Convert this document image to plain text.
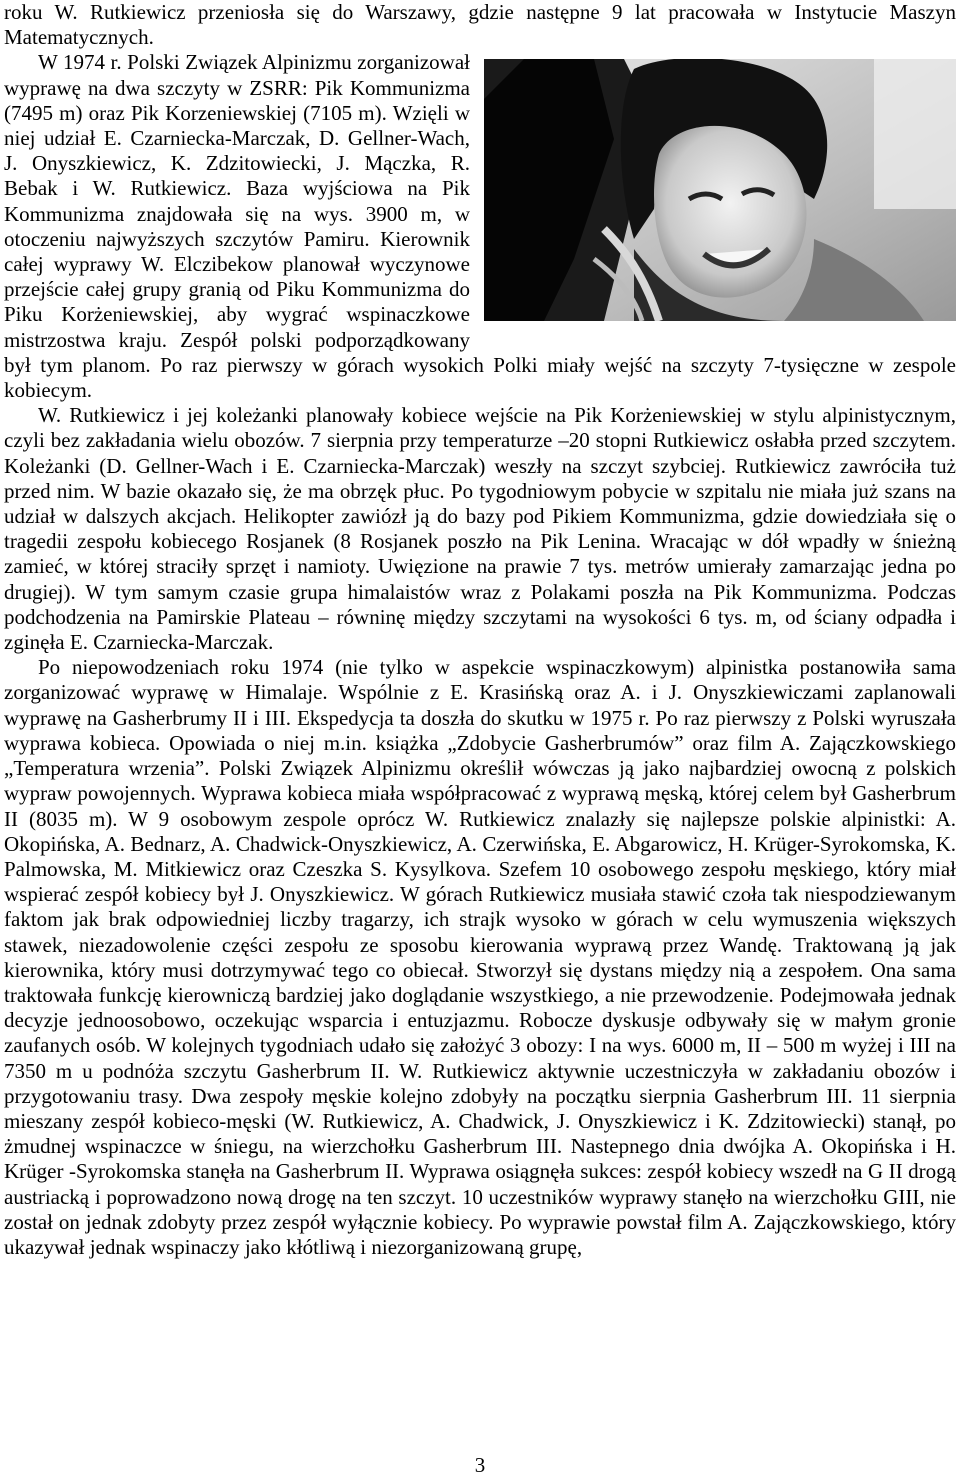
roku W. Rutkiewicz przeniosła się do Warszawy, gdzie następne 9 lat pracowała w Instytucie Maszyn Matematycznych.

W 1974 r. Polski Związek Alpinizmu zorganizował wyprawę na dwa szczyty w ZSRR: Pik Kommunizma (7495 m) oraz Pik Korzeniewskiej (7105 m). Wzięli w niej udział E. Czarniecka-Marczak, D. Gellner-Wach, J. Onyszkiewicz, K. Zdzitowiecki, J. Mączka, R. Bebak i W. Rutkiewicz. Baza wyjściowa na Pik Kommunizma znajdowała się na wys. 3900 m, w otoczeniu najwyższych szczytów Pamiru. Kierownik całej wyprawy W. Elczibekow planował wyczynowe przejście całej grupy granią od Piku Kommunizma do Piku Korżeniewskiej, aby wygrać wspinaczkowe mistrzostwa kraju. Zespół polski podporządkowany był tym planom. Po raz pierwszy w górach wysokich Polki miały wejść na szczyty 7-tysięczne w zespole kobiecym.

W. Rutkiewicz i jej koleżanki planowały kobiece wejście na Pik Korżeniewskiej w stylu alpinistycznym, czyli bez zakładania wielu obozów. 7 sierpnia przy temperaturze –20 stopni Rutkiewicz osłabła przed szczytem. Koleżanki (D. Gellner-Wach i E. Czarniecka-Marczak) weszły na szczyt szybciej. Rutkiewicz zawróciła tuż przed nim. W bazie okazało się, że ma obrzęk płuc. Po tygodniowym pobycie w szpitalu nie miała już szans na udział w dalszych akcjach. Helikopter zawiózł ją do bazy pod Pikiem Kommunizma, gdzie dowiedziała się o tragedii zespołu kobiecego Rosjanek (8 Rosjanek poszło na Pik Lenina. Wracając w dół wpadły w śnieżną zamieć, w której straciły sprzęt i namioty. Uwięzione na prawie 7 tys. metrów umierały zamarzając jedna po drugiej). W tym samym czasie grupa himalaistów wraz z Polakami poszła na Pik Kommunizma. Podczas podchodzenia na Pamirskie Plateau – równinę między szczytami na wysokości 6 tys. m, od ściany odpadła i zginęła E. Czarniecka-Marczak.

Po niepowodzeniach roku 1974 (nie tylko w aspekcie wspinaczkowym) alpinistka postanowiła sama zorganizować wyprawę w Himalaje. Wspólnie z E. Krasińską oraz A. i J. Onyszkiewiczami zaplanowali wyprawę na Gasherbrumy II i III. Ekspedycja ta doszła do skutku w 1975 r. Po raz pierwszy z Polski wyruszała wyprawa kobieca. Opowiada o niej m.in. książka „Zdobycie Gasherbrumów” oraz film A. Zajączkowskiego „Temperatura wrzenia”. Polski Związek Alpinizmu określił wówczas ją jako najbardziej owocną z polskich wypraw powojennych. Wyprawa kobieca miała współpracować z wyprawą męską, której celem był Gasherbrum II (8035 m). W 9 osobowym zespole oprócz W. Rutkiewicz znalazły się najlepsze polskie alpinistki: A. Okopińska, A. Bednarz, A. Chadwick-Onyszkiewicz, A. Czerwińska, E. Abgarowicz, H. Krüger-Syrokomska, K. Palmowska, M. Mitkiewicz oraz Czeszka S. Kysylkova. Szefem 10 osobowego zespołu męskiego, który miał wspierać zespół kobiecy był J. Onyszkiewicz. W górach Rutkiewicz musiała stawić czoła tak niespodziewanym faktom jak brak odpowiedniej liczby tragarzy, ich strajk wysoko w górach w celu wymuszenia większych stawek, niezadowolenie części zespołu ze sposobu kierowania wyprawą przez Wandę. Traktowaną ją jak kierownika, który musi dotrzymywać tego co obiecał. Stworzył się dystans między nią a zespołem. Ona sama traktowała funkcję kierowniczą bardziej jako doglądanie wszystkiego, a nie przewodzenie. Podejmowała jednak decyzje jednoosobowo, oczekując wsparcia i entuzjazmu. Robocze dyskusje odbywały się w małym gronie zaufanych osób. W kolejnych tygodniach udało się założyć 3 obozy: I na wys. 6000 m, II – 500 m wyżej i III na 7350 m u podnóża szczytu Gasherbrum II. W. Rutkiewicz aktywnie uczestniczyła w zakładaniu obozów i przygotowaniu trasy. Dwa zespoły męskie kolejno zdobyły na początku sierpnia Gasherbrum III. 11 sierpnia mieszany zespół kobieco-męski (W. Rutkiewicz, A. Chadwick, J. Onyszkiewicz i K. Zdzitowiecki) stanął, po żmudnej wspinaczce w śniegu, na wierzchołku Gasherbrum III. Nastepnego dnia dwójka A. Okopińska i H. Krüger -Syrokomska stanęła na Gasherbrum II. Wyprawa osiągnęła sukces: zespół kobiecy wszedł na G II drogą austriacką i poprowadzono nową drogę na ten szczyt. 10 uczestników wyprawy stanęło na wierzchołku GIII, nie został on jednak zdobyty przez zespół wyłącznie kobiecy. Po wyprawie powstał film A. Zajączkowskiego, który ukazywał jednak wspinaczy jako kłótliwą i niezorganizowaną grupę,

3
